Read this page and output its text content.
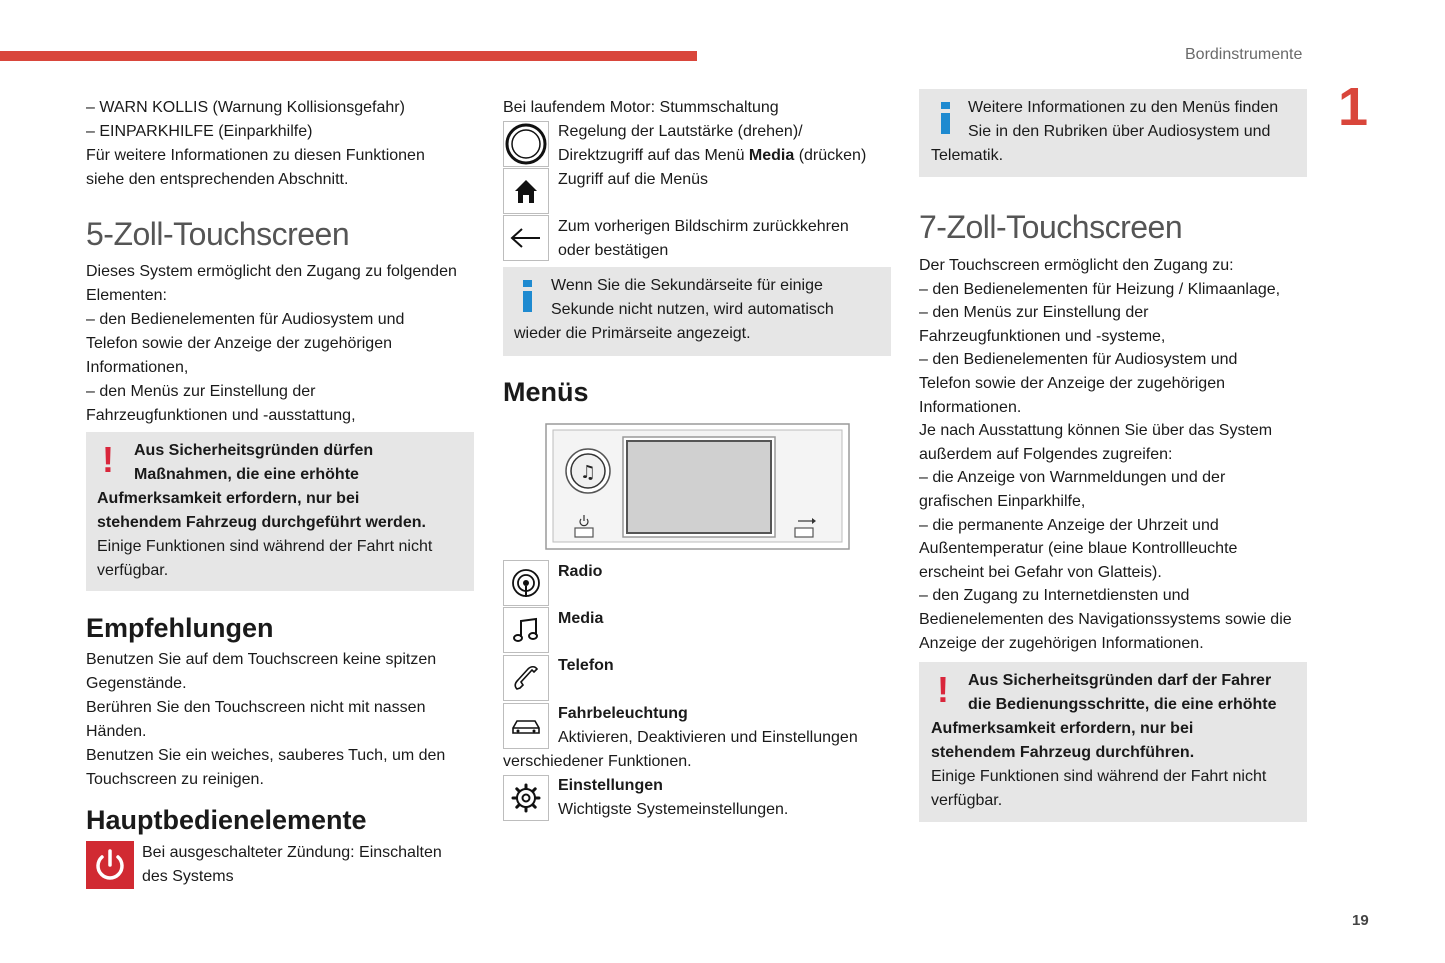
Bordinstrumente
1
19

– WARN KOLLIS (Warnung Kollisionsgefahr)

– EINPARKHILFE (Einparkhilfe)

Für weitere Informationen zu diesen Funktionen

siehe den entsprechenden Abschnitt.

5-Zoll-Touchscreen

Dieses System ermöglicht den Zugang zu folgenden

Elementen:

– den Bedienelementen für Audiosystem und

Telefon sowie der Anzeige der zugehörigen

Informationen,

– den Menüs zur Einstellung der

Fahrzeugfunktionen und -ausstattung,

! Aus Sicherheitsgründen dürfen

Maßnahmen, die eine erhöhte

Aufmerksamkeit erfordern, nur bei

stehendem Fahrzeug durchgeführt werden.

Einige Funktionen sind während der Fahrt nicht

verfügbar.

Empfehlungen

Benutzen Sie auf dem Touchscreen keine spitzen

Gegenstände.

Berühren Sie den Touchscreen nicht mit nassen

Händen.

Benutzen Sie ein weiches, sauberes Tuch, um den

Touchscreen zu reinigen.

Hauptbedienelemente

Bei ausgeschalteter Zündung: Einschalten

des Systems

Bei laufendem Motor: Stummschaltung

Regelung der Lautstärke (drehen)/

Direktzugriff auf das Menü Media (drücken)

Zugriff auf die Menüs

Zum vorherigen Bildschirm zurückkehren

oder bestätigen

Wenn Sie die Sekundärseite für einige

Sekunde nicht nutzen, wird automatisch

wieder die Primärseite angezeigt.

Menüs

♫
Radio
Media
Telefon

Fahrbeleuchtung

Aktivieren, Deaktivieren und Einstellungen

verschiedener Funktionen.

Einstellungen

Wichtigste Systemeinstellungen.

Weitere Informationen zu den Menüs finden

Sie in den Rubriken über Audiosystem und

Telematik.

7-Zoll-Touchscreen

Der Touchscreen ermöglicht den Zugang zu:

– den Bedienelementen für Heizung / Klimaanlage,

– den Menüs zur Einstellung der

Fahrzeugfunktionen und -systeme,

– den Bedienelementen für Audiosystem und

Telefon sowie der Anzeige der zugehörigen

Informationen.

Je nach Ausstattung können Sie über das System

außerdem auf Folgendes zugreifen:

– die Anzeige von Warnmeldungen und der

grafischen Einparkhilfe,

– die permanente Anzeige der Uhrzeit und

Außentemperatur (eine blaue Kontrollleuchte

erscheint bei Gefahr von Glatteis).

– den Zugang zu Internetdiensten und

Bedienelementen des Navigationssystems sowie die

Anzeige der zugehörigen Informationen.

! Aus Sicherheitsgründen darf der Fahrer

die Bedienungsschritte, die eine erhöhte

Aufmerksamkeit erfordern, nur bei

stehendem Fahrzeug durchführen.

Einige Funktionen sind während der Fahrt nicht

verfügbar.
